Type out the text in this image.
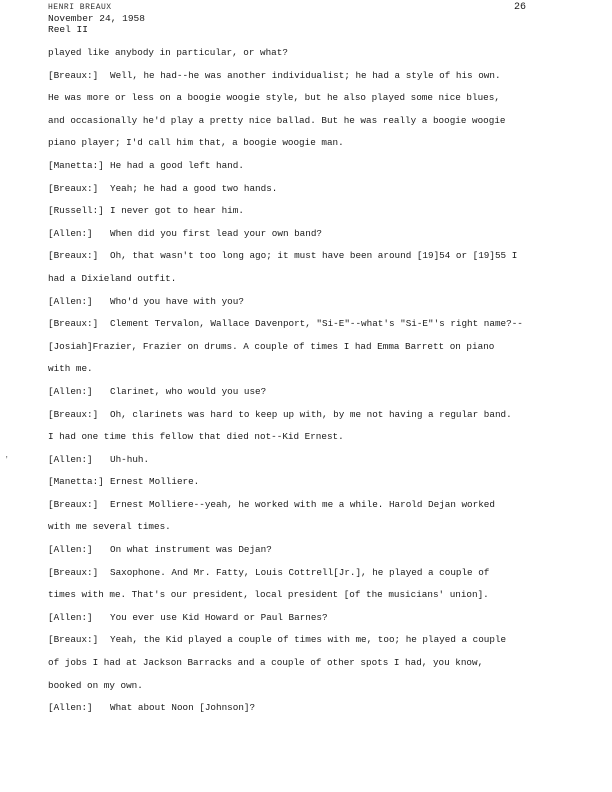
HENRI BREAUX
November 24, 1958
Reel II
26
ʼ
played like anybody in particular, or what?
[Breaux:] Well, he had--he was another individualist; he had a style of his own.
He was more or less on a boogie woogie style, but he also played some nice blues,
and occasionally he'd play a pretty nice ballad. But he was really a boogie woogie
piano player; I'd call him that, a boogie woogie man.
[Manetta:] He had a good left hand.
[Breaux:] Yeah; he had a good two hands.
[Russell:] I never got to hear him.
[Allen:] When did you first lead your own band?
[Breaux:] Oh, that wasn't too long ago; it must have been around [19]54 or [19]55 I
had a Dixieland outfit.
[Allen:] Who'd you have with you?
[Breaux:] Clement Tervalon, Wallace Davenport, "Si-E"--what's "Si-E"'s right name?--
[Josiah]Frazier, Frazier on drums. A couple of times I had Emma Barrett on piano
with me.
[Allen:] Clarinet, who would you use?
[Breaux:] Oh, clarinets was hard to keep up with, by me not having a regular band.
I had one time this fellow that died not--Kid Ernest.
[Allen:] Uh-huh.
[Manetta:] Ernest Molliere.
[Breaux:] Ernest Molliere--yeah, he worked with me a while. Harold Dejan worked
with me several times.
[Allen:] On what instrument was Dejan?
[Breaux:] Saxophone. And Mr. Fatty, Louis Cottrell[Jr.], he played a couple of
times with me. That's our president, local president [of the musicians' union].
[Allen:] You ever use Kid Howard or Paul Barnes?
[Breaux:] Yeah, the Kid played a couple of times with me, too; he played a couple
of jobs I had at Jackson Barracks and a couple of other spots I had, you know,
booked on my own.
[Allen:] What about Noon [Johnson]?
